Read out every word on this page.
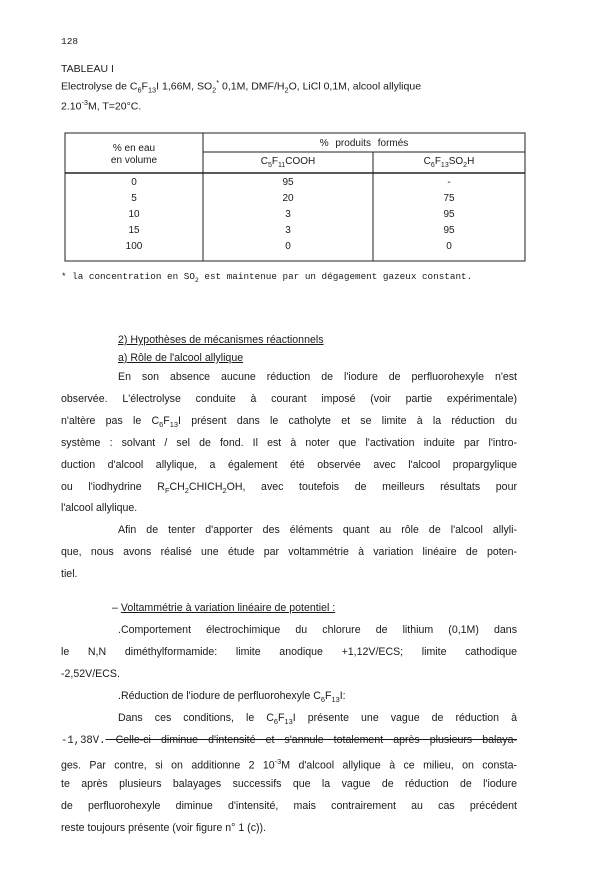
128
TABLEAU I
Electrolyse de $C_6F_{13}I$ 1,66M, $SO_2^*$ 0,1M, DMF/$H_2O$, LiCl 0,1M, alcool allylique
$2.10^{-3}M$, T=20°C.
% en eau
en volume
% produits formés
$C_5F_{11}COOH$	$C_6F_{13}SO_2H$
0	95	-
5	20	75
10	3	95
15	3	95
100	0	0
* la concentration en $SO_2$ est maintenue par un dégagement gazeux constant.
2) Hypothèses de mécanismes réactionnels
a) Rôle de l'alcool allylique
En son absence aucune réduction de l'iodure de perfluorohexyle n'est
observée. L'électrolyse conduite à courant imposé (voir partie expérimentale)
n'altère pas le $C_6F_{13}I$ présent dans le catholyte et se limite à la réduction du
système : solvant / sel de fond. Il est à noter que l'activation induite par l'intro-
duction d'alcool allylique, a également été observée avec l'alcool propargylique
ou l'iodhydrine $R_FCH_2CHICH_2OH$, avec toutefois de meilleurs résultats pour
l'alcool allylique.
Afin de tenter d'apporter des éléments quant au rôle de l'alcool allyli-
que, nous avons réalisé une étude par voltammétrie à variation linéaire de poten-
tiel.
– Voltammétrie à variation linéaire de potentiel :
.Comportement électrochimique du chlorure de lithium (0,1M) dans
le N,N diméthylformamide: limite anodique +1,12V/ECS; limite cathodique
-2,52V/ECS.
.Réduction de l'iodure de perfluorohexyle $C_6F_{13}I$:
Dans ces conditions, le $C_6F_{13}I$ présente une vague de réduction à
-1,38V. Celle-ci diminue d'intensité et s'annule totalement après plusieurs balaya-
ges. Par contre, si on additionne 2 $10^{-3}M$ d'alcool allylique à ce milieu, on consta-
te après plusieurs balayages successifs que la vague de réduction de l'iodure
de perfluorohexyle diminue d'intensité, mais contrairement au cas précédent
reste toujours présente (voir figure n° 1 (c)).
